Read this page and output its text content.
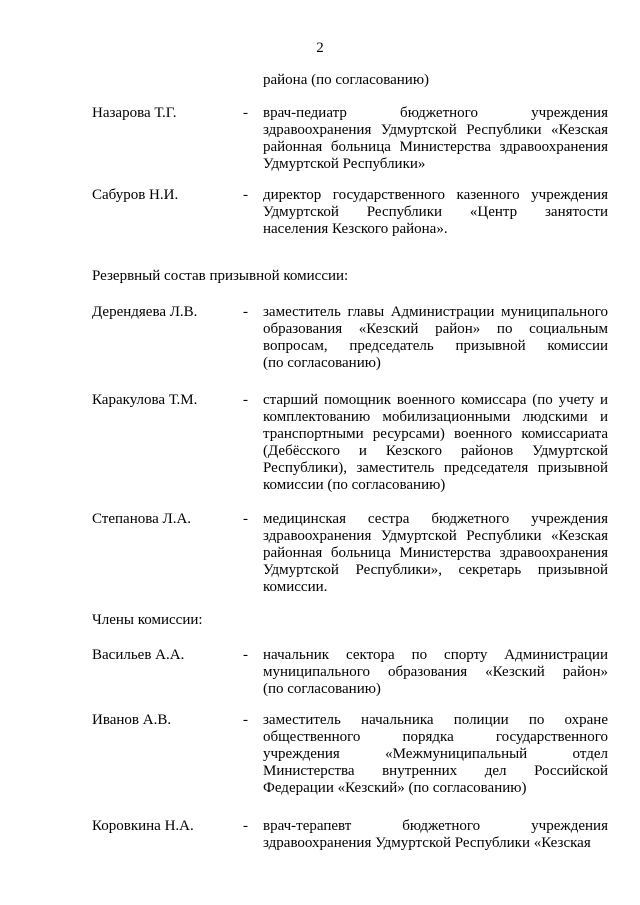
2
района (по согласованию)
Назарова Т.Г.	- врач-педиатр бюджетного учреждения
здравоохранения Удмуртской Республики «Кезская
районная больница Министерства здравоохранения
Удмуртской Республики»
Сабуров Н.И.	- директор государственного казенного учреждения
Удмуртской Республики «Центр занятости
населения Кезского района».
Резервный состав призывной комиссии:
Дерендяева Л.В.	- заместитель главы Администрации муниципального
образования «Кезский район» по социальным
вопросам, председатель призывной комиссии
(по согласованию)
Каракулова Т.М.	- старший помощник военного комиссара (по учету и
комплектованию мобилизационными людскими и
транспортными ресурсами) военного комиссариата
(Дебёсского и Кезского районов Удмуртской
Республики), заместитель председателя призывной
комиссии (по согласованию)
Степанова Л.А.	- медицинская сестра бюджетного учреждения
здравоохранения Удмуртской Республики «Кезская
районная больница Министерства здравоохранения
Удмуртской Республики», секретарь призывной
комиссии.
Члены комиссии:
Васильев А.А.	- начальник сектора по спорту Администрации
муниципального образования «Кезский район»
(по согласованию)
Иванов А.В.	- заместитель начальника полиции по охране
общественного порядка государственного
учреждения «Межмуниципальный отдел
Министерства внутренних дел Российской
Федерации «Кезский» (по согласованию)
Коровкина Н.А.	- врач-терапевт бюджетного учреждения
здравоохранения Удмуртской Республики «Кезская
